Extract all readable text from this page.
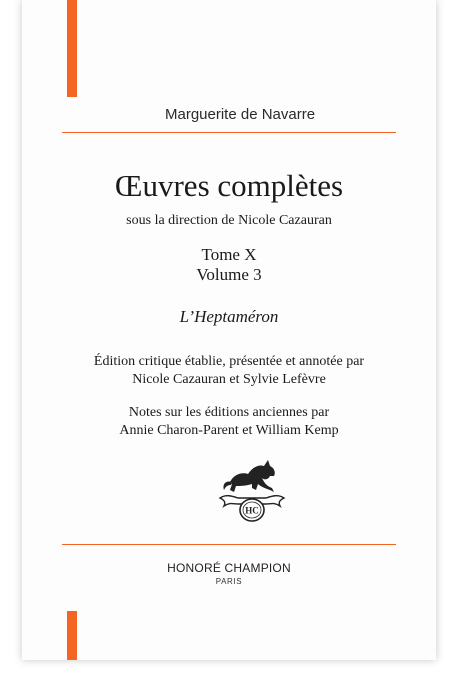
Marguerite de Navarre
Œuvres complètes
sous la direction de Nicole Cazauran
Tome X
Volume 3
L’Heptaméron
Édition critique établie, présentée et annotée par
Nicole Cazauran et Sylvie Lefèvre
Notes sur les éditions anciennes par
Annie Charon-Parent et William Kemp
HC
HONORÉ CHAMPION
PARIS
